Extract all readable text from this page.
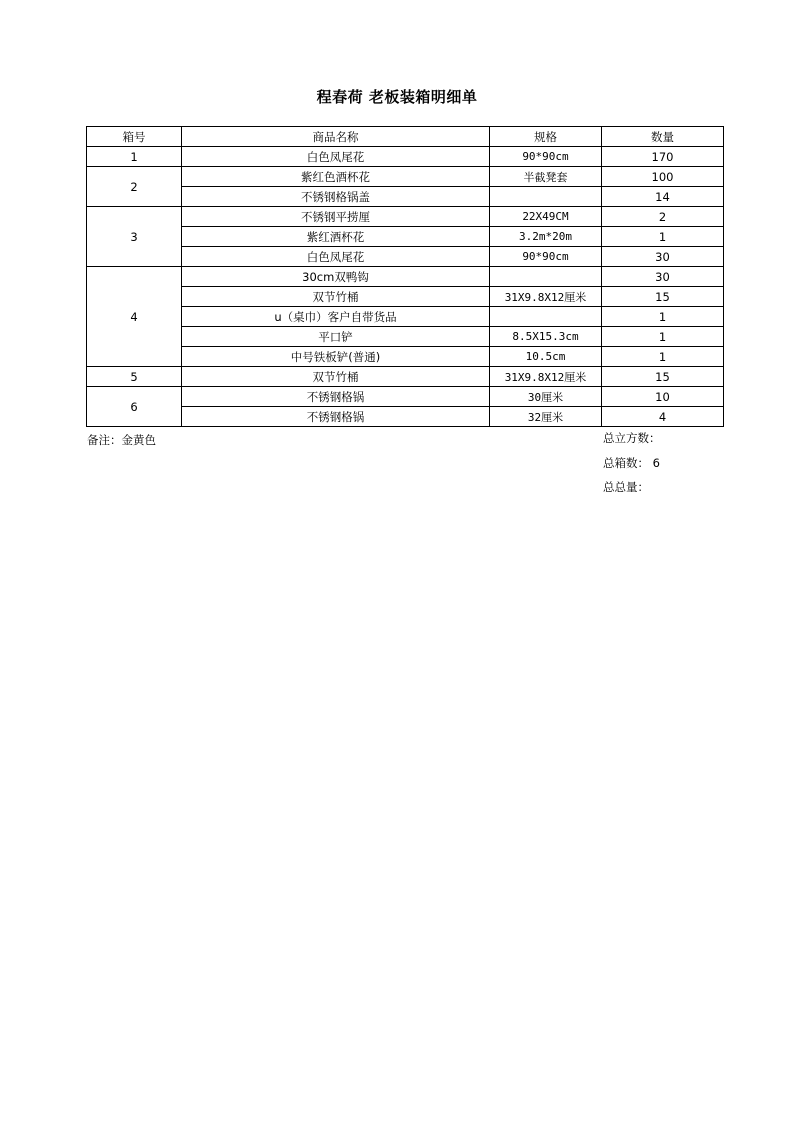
程春荷 老板装箱明细单
箱号	商品名称	规格	数量
1	白色凤尾花	90*90cm	170
2	紫红色酒杯花	半截凳套	100
	不锈钢格锅盖		14
3	不锈钢平捞厘	22X49CM	2
	紫红酒杯花	3.2m*20m	1
	白色凤尾花	90*90cm	30
4	30cm双鸭钩		30
	双节竹桶	31X9.8X12厘米	15
	u（桌巾）客户自带货品		1
	平口铲	8.5X15.3cm	1
	中号铁板铲(普通)	10.5cm	1
5	双节竹桶	31X9.8X12厘米	15
6	不锈钢格锅	30厘米	10
	不锈钢格锅	32厘米	4
备注：金黄色	总立方数：
总箱数： 6
总总量：
